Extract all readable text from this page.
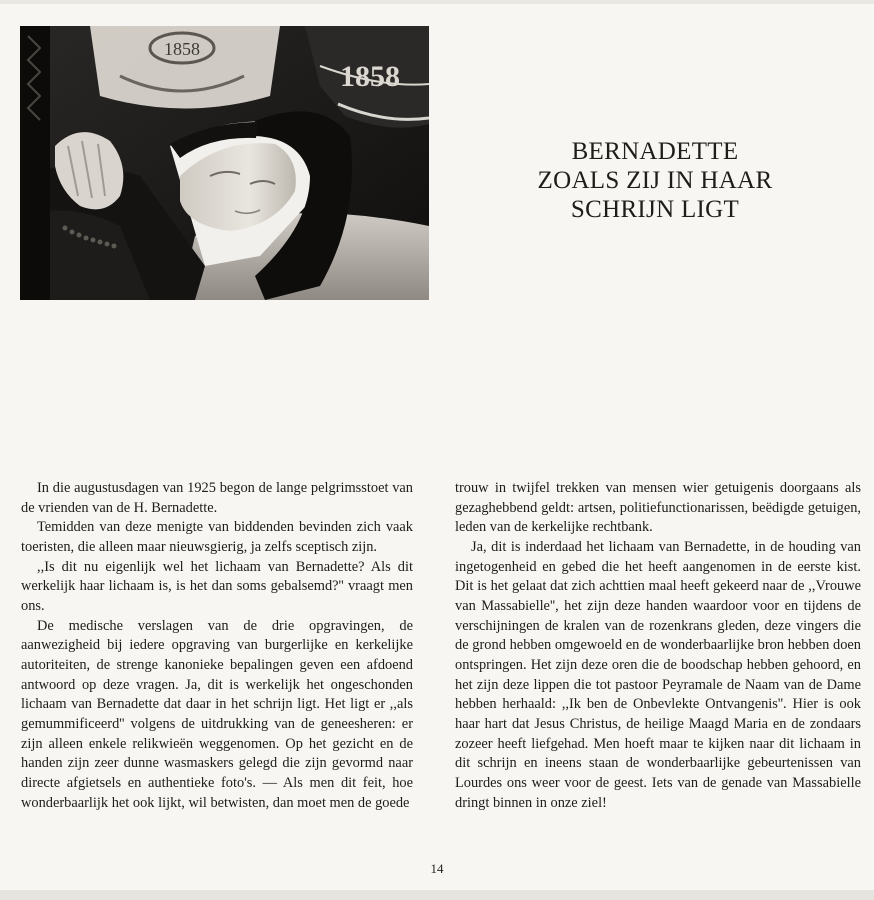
1858
1858
BERNADETTE
ZOALS ZIJ IN HAAR
SCHRIJN LIGT

In die augustusdagen van 1925 begon de lange pelgrimsstoet van de vrienden van de H. Bernadette.

Temidden van deze menigte van biddenden bevinden zich vaak toeristen, die alleen maar nieuwsgierig, ja zelfs sceptisch zijn.

,,Is dit nu eigenlijk wel het lichaam van Bernadette? Als dit werkelijk haar lichaam is, is het dan soms gebalsemd?'' vraagt men ons.

De medische verslagen van de drie opgravingen, de aanwezigheid bij iedere opgraving van burgerlijke en kerkelijke autoriteiten, de strenge kanonieke bepalingen geven een afdoend antwoord op deze vragen. Ja, dit is werkelijk het ongeschonden lichaam van Bernadette dat daar in het schrijn ligt. Het ligt er ,,als gemummificeerd'' volgens de uitdrukking van de geneesheren: er zijn alleen enkele relikwieën weggenomen. Op het gezicht en de handen zijn zeer dunne wasmaskers gelegd die zijn gevormd naar directe afgietsels en authentieke foto's. — Als men dit feit, hoe wonderbaarlijk het ook lijkt, wil betwisten, dan moet men de goede

trouw in twijfel trekken van mensen wier getuigenis doorgaans als gezaghebbend geldt: artsen, politiefunctionarissen, beëdigde getuigen, leden van de kerkelijke rechtbank.

Ja, dit is inderdaad het lichaam van Bernadette, in de houding van ingetogenheid en gebed die het heeft aangenomen in de eerste kist. Dit is het gelaat dat zich achttien maal heeft gekeerd naar de ,,Vrouwe van Massabielle'', het zijn deze handen waardoor voor en tijdens de verschijningen de kralen van de rozenkrans gleden, deze vingers die de grond hebben omgewoeld en de wonderbaarlijke bron hebben doen ontspringen. Het zijn deze oren die de boodschap hebben gehoord, en het zijn deze lippen die tot pastoor Peyramale de Naam van de Dame hebben herhaald: ,,Ik ben de Onbevlekte Ontvangenis''. Hier is ook haar hart dat Jesus Christus, de heilige Maagd Maria en de zondaars zozeer heeft liefgehad. Men hoeft maar te kijken naar dit lichaam in dit schrijn en ineens staan de wonderbaarlijke gebeurtenissen van Lourdes ons weer voor de geest. Iets van de genade van Massabielle dringt binnen in onze ziel!

14
